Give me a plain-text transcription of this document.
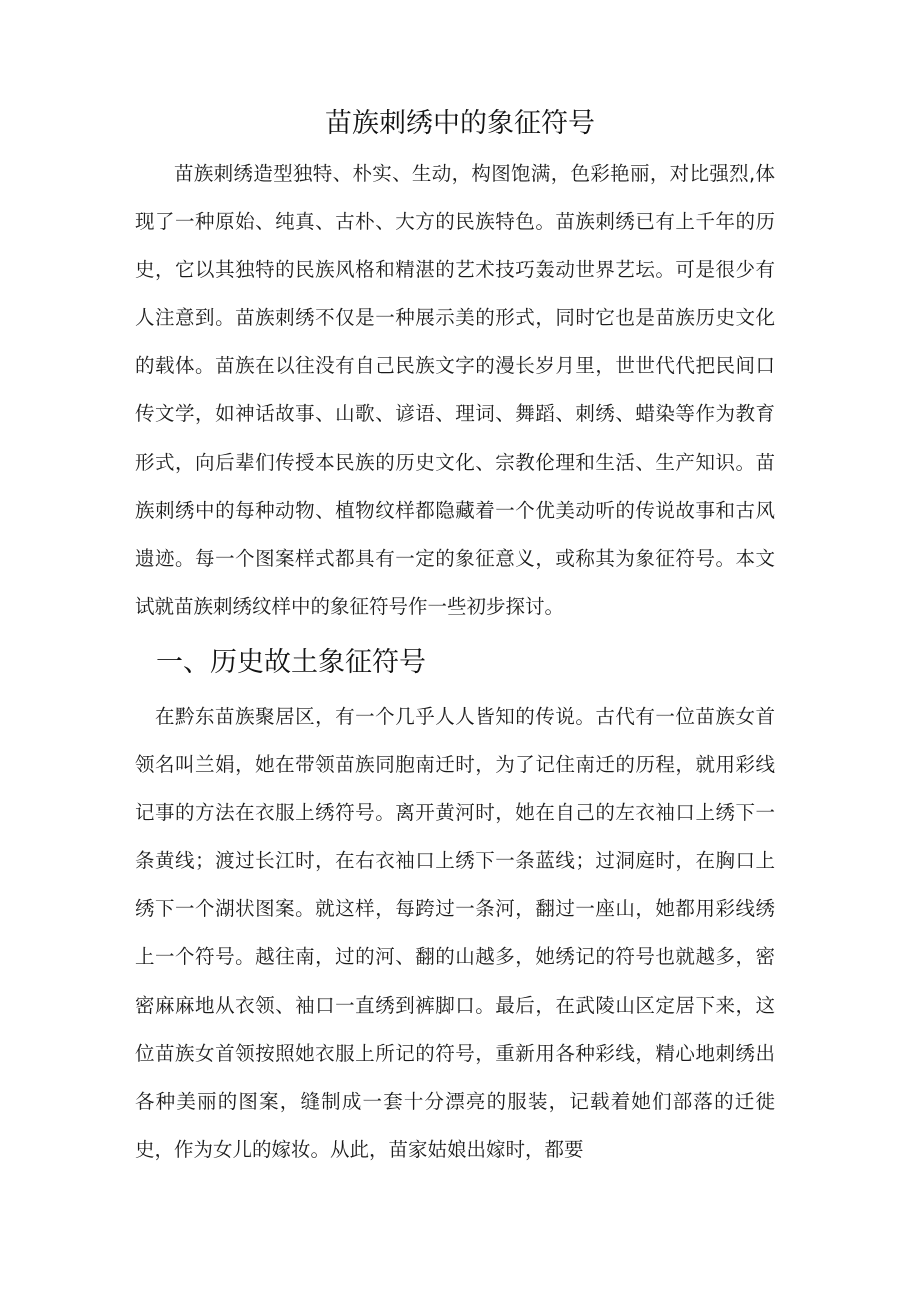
苗族刺绣中的象征符号

苗族刺绣造型独特、朴实、生动，构图饱满，色彩艳丽，对比强烈,体现了一种原始、纯真、古朴、大方的民族特色。苗族刺绣已有上千年的历史，它以其独特的民族风格和精湛的艺术技巧轰动世界艺坛。可是很少有人注意到。苗族刺绣不仅是一种展示美的形式，同时它也是苗族历史文化的载体。苗族在以往没有自己民族文字的漫长岁月里，世世代代把民间口传文学，如神话故事、山歌、谚语、理词、舞蹈、刺绣、蜡染等作为教育形式，向后辈们传授本民族的历史文化、宗教伦理和生活、生产知识。苗族刺绣中的每种动物、植物纹样都隐藏着一个优美动听的传说故事和古风遗迹。每一个图案样式都具有一定的象征意义，或称其为象征符号。本文试就苗族刺绣纹样中的象征符号作一些初步探讨。

一、历史故土象征符号

在黔东苗族聚居区，有一个几乎人人皆知的传说。古代有一位苗族女首领名叫兰娟，她在带领苗族同胞南迁时，为了记住南迁的历程，就用彩线记事的方法在衣服上绣符号。离开黄河时，她在自己的左衣袖口上绣下一条黄线；渡过长江时，在右衣袖口上绣下一条蓝线；过洞庭时，在胸口上绣下一个湖状图案。就这样，每跨过一条河，翻过一座山，她都用彩线绣上一个符号。越往南，过的河、翻的山越多，她绣记的符号也就越多，密密麻麻地从衣领、袖口一直绣到裤脚口。最后，在武陵山区定居下来，这位苗族女首领按照她衣服上所记的符号，重新用各种彩线，精心地刺绣出各种美丽的图案，缝制成一套十分漂亮的服装，记载着她们部落的迁徙史，作为女儿的嫁妆。从此，苗家姑娘出嫁时，都要
